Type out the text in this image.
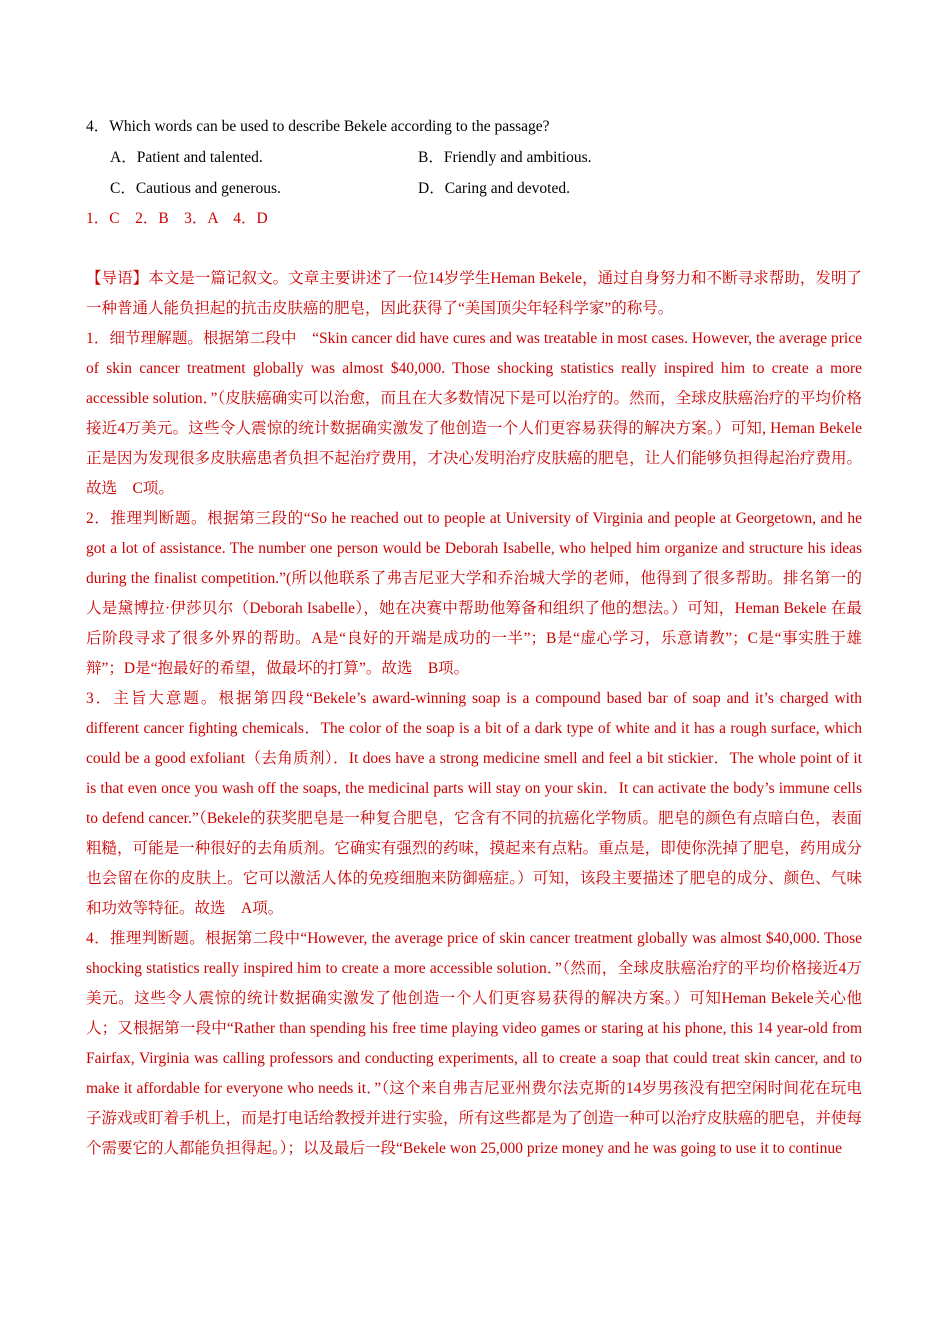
4．Which words can be used to describe Bekele according to the passage?
A．Patient and talented.	B．Friendly and ambitious.
C．Cautious and generous.	D．Caring and devoted.
1．C　2．B　3．A　4．D

【导语】本文是一篇记叙文。文章主要讲述了一位14岁学生Heman Bekele，通过自身努力和不断寻求帮助，发明了一种普通人能负担起的抗击皮肤癌的肥皂，因此获得了“美国顶尖年轻科学家”的称号。

1．细节理解题。根据第二段中　“Skin cancer did have cures and was treatable in most cases. However, the average price of skin cancer treatment globally was almost $40,000. Those shocking statistics really inspired him to create a more accessible solution．”（皮肤癌确实可以治愈，而且在大多数情况下是可以治疗的。然而，全球皮肤癌治疗的平均价格接近4万美元。这些令人震惊的统计数据确实激发了他创造一个人们更容易获得的解决方案。）可知, Heman Bekele 正是因为发现很多皮肤癌患者负担不起治疗费用，才决心发明治疗皮肤癌的肥皂，让人们能够负担得起治疗费用。故选　C项。

2．推理判断题。根据第三段的“So he reached out to people at University of Virginia and people at Georgetown, and he got a lot of assistance. The number one person would be Deborah Isabelle, who helped him organize and structure his ideas during the finalist competition.”(所以他联系了弗吉尼亚大学和乔治城大学的老师，他得到了很多帮助。排名第一的人是黛博拉·伊莎贝尔（Deborah Isabelle），她在决赛中帮助他筹备和组织了他的想法。）可知，Heman Bekele 在最后阶段寻求了很多外界的帮助。A是“良好的开端是成功的一半”；B是“虚心学习，乐意请教”；C是“事实胜于雄辩”；D是“抱最好的希望，做最坏的打算”。故选　B项。

3．主旨大意题。根据第四段“Bekele’s award-winning soap is a compound based bar of soap and it’s charged with different cancer fighting chemicals．The color of the soap is a bit of a dark type of white and it has a rough surface, which could be a good exfoliant（去角质剂）．It does have a strong medicine smell and feel a bit stickier．The whole point of it is that even once you wash off the soaps, the medicinal parts will stay on your skin．It can activate the body’s immune cells to defend cancer.”（Bekele的获奖肥皂是一种复合肥皂，它含有不同的抗癌化学物质。肥皂的颜色有点暗白色，表面粗糙，可能是一种很好的去角质剂。它确实有强烈的药味，摸起来有点粘。重点是，即使你洗掉了肥皂，药用成分也会留在你的皮肤上。它可以激活人体的免疫细胞来防御癌症。）可知，该段主要描述了肥皂的成分、颜色、气味和功效等特征。故选　A项。

4．推理判断题。根据第二段中“However, the average price of skin cancer treatment globally was almost $40,000. Those shocking statistics really inspired him to create a more accessible solution．”（然而，全球皮肤癌治疗的平均价格接近4万美元。这些令人震惊的统计数据确实激发了他创造一个人们更容易获得的解决方案。）可知Heman Bekele关心他人；又根据第一段中“Rather than spending his free time playing video games or staring at his phone, this 14 year-old from Fairfax, Virginia was calling professors and conducting experiments, all to create a soap that could treat skin cancer, and to make it affordable for everyone who needs it．”（这个来自弗吉尼亚州费尔法克斯的14岁男孩没有把空闲时间花在玩电子游戏或盯着手机上，而是打电话给教授并进行实验，所有这些都是为了创造一种可以治疗皮肤癌的肥皂，并使每个需要它的人都能负担得起。）；以及最后一段“Bekele won 25,000 prize money and he was going to use it to continue
